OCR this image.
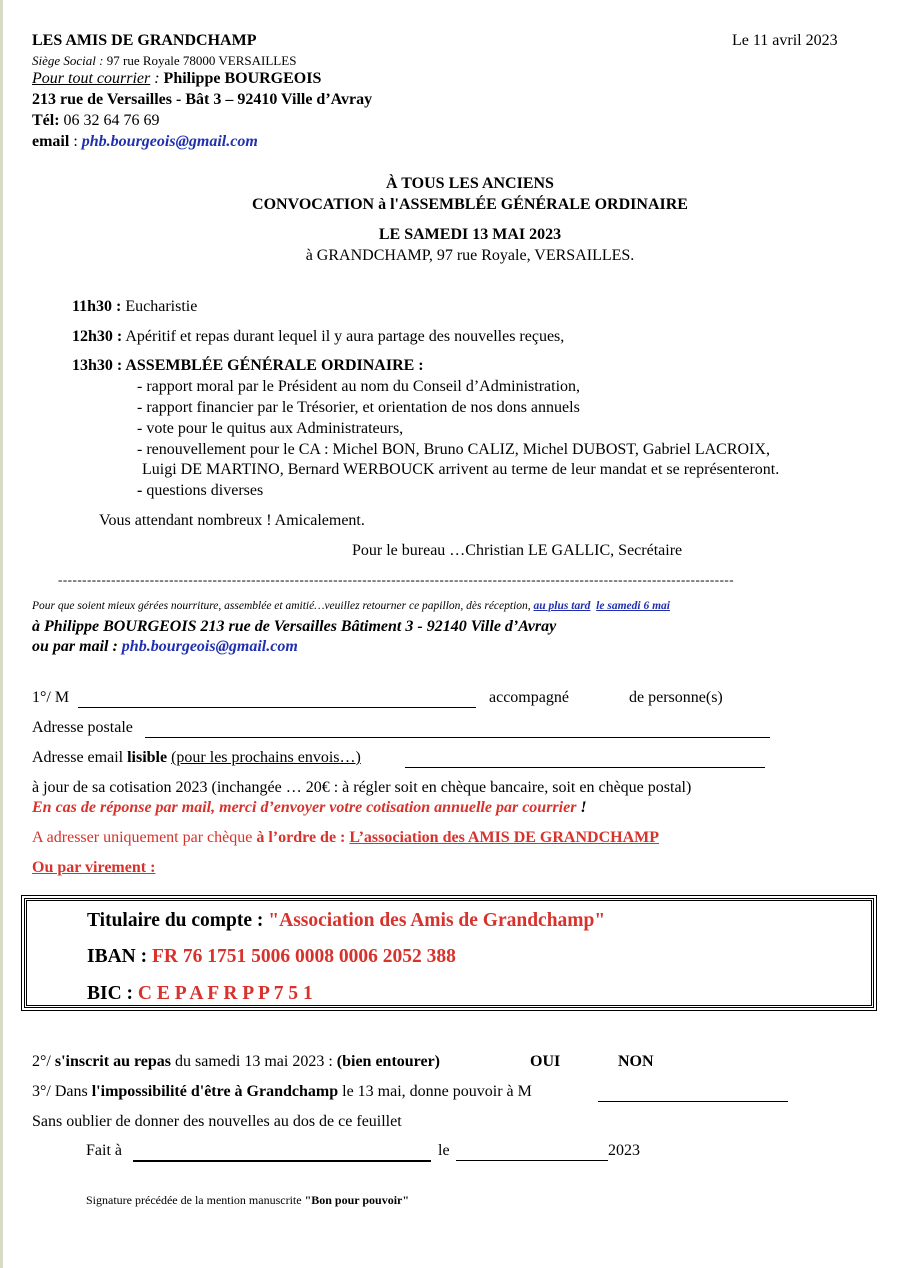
LES AMIS DE GRANDCHAMP	Le 11 avril 2023
Siège Social : 97 rue Royale 78000 VERSAILLES
Pour tout courrier : Philippe BOURGEOIS
213 rue de Versailles - Bât 3 – 92410 Ville d’Avray
Tél: 06 32 64 76 69
email : phb.bourgeois@gmail.com
À TOUS LES ANCIENS
CONVOCATION à l'ASSEMBLÉE GÉNÉRALE ORDINAIRE
LE SAMEDI 13 MAI 2023
à GRANDCHAMP, 97 rue Royale, VERSAILLES.
11h30 : Eucharistie
12h30 : Apéritif et repas durant lequel il y aura partage des nouvelles reçues,
13h30 : ASSEMBLÉE GÉNÉRALE ORDINAIRE :
- rapport moral par le Président au nom du Conseil d’Administration,
- rapport financier par le Trésorier, et orientation de nos dons annuels
- vote pour le quitus aux Administrateurs,
- renouvellement pour le CA : Michel BON, Bruno CALIZ, Michel DUBOST, Gabriel LACROIX,
Luigi DE MARTINO, Bernard WERBOUCK arrivent au terme de leur mandat et se représenteront.
- questions diverses
Vous attendant nombreux ! Amicalement.
Pour le bureau …Christian LE GALLIC, Secrétaire
--------------------------------------------------------------------------------------------------------------------------------------------
Pour que soient mieux gérées nourriture, assemblée et amitié…veuillez retourner ce papillon, dès réception, au plus tard le samedi 6 mai
à Philippe BOURGEOIS 213 rue de Versailles Bâtiment 3 - 92140 Ville d’Avray
ou par mail : phb.bourgeois@gmail.com
1°/ M	accompagné	de personne(s)
Adresse postale
Adresse email lisible (pour les prochains envois…)
à jour de sa cotisation 2023 (inchangée … 20€ : à régler soit en chèque bancaire, soit en chèque postal)
En cas de réponse par mail, merci d’envoyer votre cotisation annuelle par courrier !
A adresser uniquement par chèque à l’ordre de : L’association des AMIS DE GRANDCHAMP
Ou par virement :
Titulaire du compte : "Association des Amis de Grandchamp"
IBAN : FR 76 1751 5006 0008 0006 2052 388
BIC : C E P A F R P P 7 5 1
2°/ s'inscrit au repas du samedi 13 mai 2023 : (bien entourer)	OUI	NON
3°/ Dans l'impossibilité d'être à Grandchamp le 13 mai, donne pouvoir à M
Sans oublier de donner des nouvelles au dos de ce feuillet
Fait à	le	2023
Signature précédée de la mention manuscrite "Bon pour pouvoir"
